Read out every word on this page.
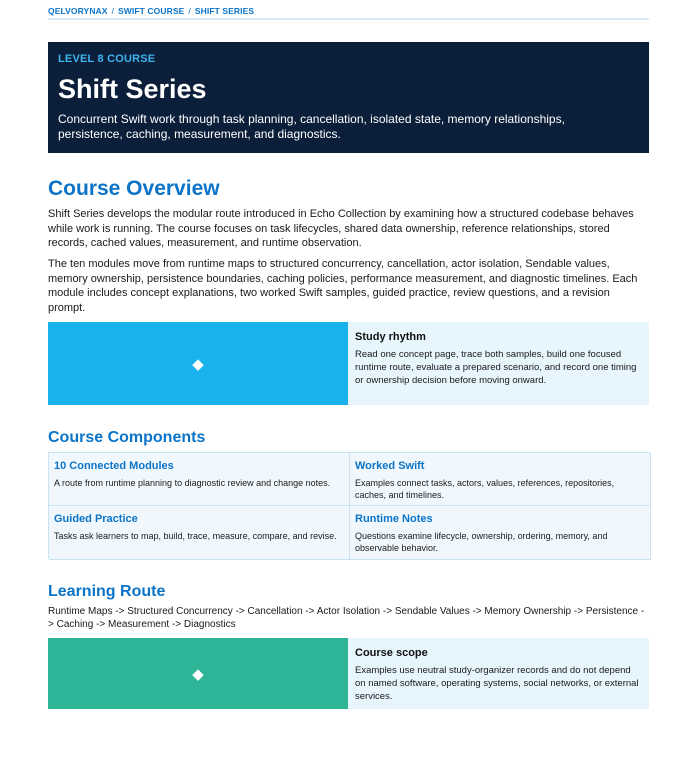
QELVORYNAX / SWIFT COURSE / SHIFT SERIES
LEVEL 8 COURSE
Shift Series
Concurrent Swift work through task planning, cancellation, isolated state, memory relationships, persistence, caching, measurement, and diagnostics.
Course Overview

Shift Series develops the modular route introduced in Echo Collection by examining how a structured codebase behaves while work is running. The course focuses on task lifecycles, shared data ownership, reference relationships, stored records, cached values, measurement, and runtime observation.

The ten modules move from runtime maps to structured concurrency, cancellation, actor isolation, Sendable values, memory ownership, persistence boundaries, caching policies, performance measurement, and diagnostic timelines. Each module includes concept explanations, two worked Swift samples, guided practice, review questions, and a revision prompt.

◆
Study rhythm
Read one concept page, trace both samples, build one focused runtime route, evaluate a prepared scenario, and record one timing or ownership decision before moving onward.
Course Components
10 Connected Modules
A route from runtime planning to diagnostic review and change notes.
Worked Swift
Examples connect tasks, actors, values, references, repositories, caches, and timelines.
Guided Practice
Tasks ask learners to map, build, trace, measure, compare, and revise.
Runtime Notes
Questions examine lifecycle, ownership, ordering, memory, and observable behavior.
Learning Route

Runtime Maps -> Structured Concurrency -> Cancellation -> Actor Isolation -> Sendable Values -> Memory Ownership -> Persistence -> Caching -> Measurement -> Diagnostics

◆
Course scope
Examples use neutral study-organizer records and do not depend on named software, operating systems, social networks, or external services.
